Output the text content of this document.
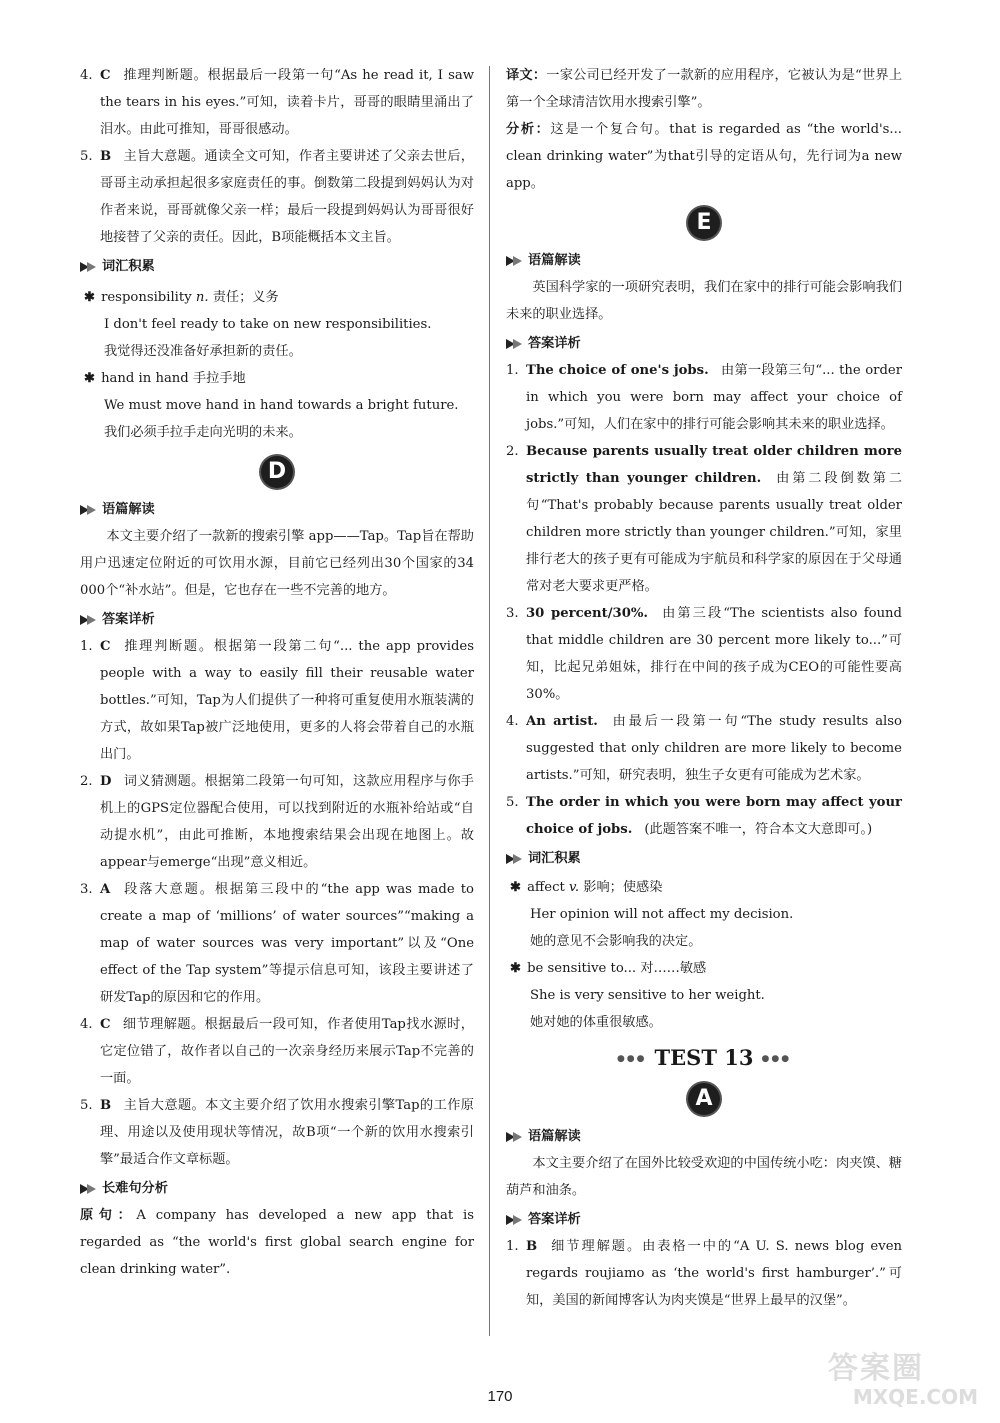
4. C 推理判断题。根据最后一段第一句“As he read it, I saw the tears in his eyes.”可知，读着卡片，哥哥的眼睛里涌出了泪水。由此可推知，哥哥很感动。

5. B 主旨大意题。通读全文可知，作者主要讲述了父亲去世后，哥哥主动承担起很多家庭责任的事。倒数第二段提到妈妈认为对作者来说，哥哥就像父亲一样；最后一段提到妈妈认为哥哥很好地接替了父亲的责任。因此，B项能概括本文主旨。

词汇积累

✱ responsibility n. 责任；义务

I don't feel ready to take on new responsibilities.

我觉得还没准备好承担新的责任。

✱ hand in hand 手拉手地

We must move hand in hand towards a bright future.

我们必须手拉手走向光明的未来。

D
语篇解读

本文主要介绍了一款新的搜索引擎 app——Tap。Tap旨在帮助用户迅速定位附近的可饮用水源，目前它已经列出30个国家的34 000个“补水站”。但是，它也存在一些不完善的地方。

答案详析

1. C 推理判断题。根据第一段第二句“... the app provides people with a way to easily fill their reusable water bottles.”可知，Tap为人们提供了一种将可重复使用水瓶装满的方式，故如果Tap被广泛地使用，更多的人将会带着自己的水瓶出门。

2. D 词义猜测题。根据第二段第一句可知，这款应用程序与你手机上的GPS定位器配合使用，可以找到附近的水瓶补给站或“自动提水机”，由此可推断，本地搜索结果会出现在地图上。故appear与emerge“出现”意义相近。

3. A 段落大意题。根据第三段中的“the app was made to create a map of ‘millions’ of water sources”“making a map of water sources was very important”以及“One effect of the Tap system”等提示信息可知，该段主要讲述了研发Tap的原因和它的作用。

4. C 细节理解题。根据最后一段可知，作者使用Tap找水源时，它定位错了，故作者以自己的一次亲身经历来展示Tap不完善的一面。

5. B 主旨大意题。本文主要介绍了饮用水搜索引擎Tap的工作原理、用途以及使用现状等情况，故B项“一个新的饮用水搜索引擎”最适合作文章标题。

长难句分析

原句：A company has developed a new app that is regarded as “the world's first global search engine for clean drinking water”.

译文：一家公司已经开发了一款新的应用程序，它被认为是“世界上第一个全球清洁饮用水搜索引擎”。

分析：这是一个复合句。that is regarded as “the world's... clean drinking water”为that引导的定语从句，先行词为a new app。

E
语篇解读

英国科学家的一项研究表明，我们在家中的排行可能会影响我们未来的职业选择。

答案详析

1. The choice of one's jobs. 由第一段第三句“... the order in which you were born may affect your choice of jobs.”可知，人们在家中的排行可能会影响其未来的职业选择。

2. Because parents usually treat older children more strictly than younger children. 由第二段倒数第二句“That's probably because parents usually treat older children more strictly than younger children.”可知，家里排行老大的孩子更有可能成为宇航员和科学家的原因在于父母通常对老大要求更严格。

3. 30 percent/30%. 由第三段“The scientists also found that middle children are 30 percent more likely to...”可知，比起兄弟姐妹，排行在中间的孩子成为CEO的可能性要高30%。

4. An artist. 由最后一段第一句“The study results also suggested that only children are more likely to become artists.”可知，研究表明，独生子女更有可能成为艺术家。

5. The order in which you were born may affect your choice of jobs. (此题答案不唯一，符合本文大意即可。)

词汇积累

✱ affect v. 影响；使感染

Her opinion will not affect my decision.

她的意见不会影响我的决定。

✱ be sensitive to... 对……敏感

She is very sensitive to her weight.

她对她的体重很敏感。

●●● TEST 13 ●●●
A
语篇解读

本文主要介绍了在国外比较受欢迎的中国传统小吃：肉夹馍、糖葫芦和油条。

答案详析

1. B 细节理解题。由表格一中的“A U. S. news blog even regards roujiamo as ‘the world's first hamburger’.”可知，美国的新闻博客认为肉夹馍是“世界上最早的汉堡”。

170
答案圈
MXQE.COM
